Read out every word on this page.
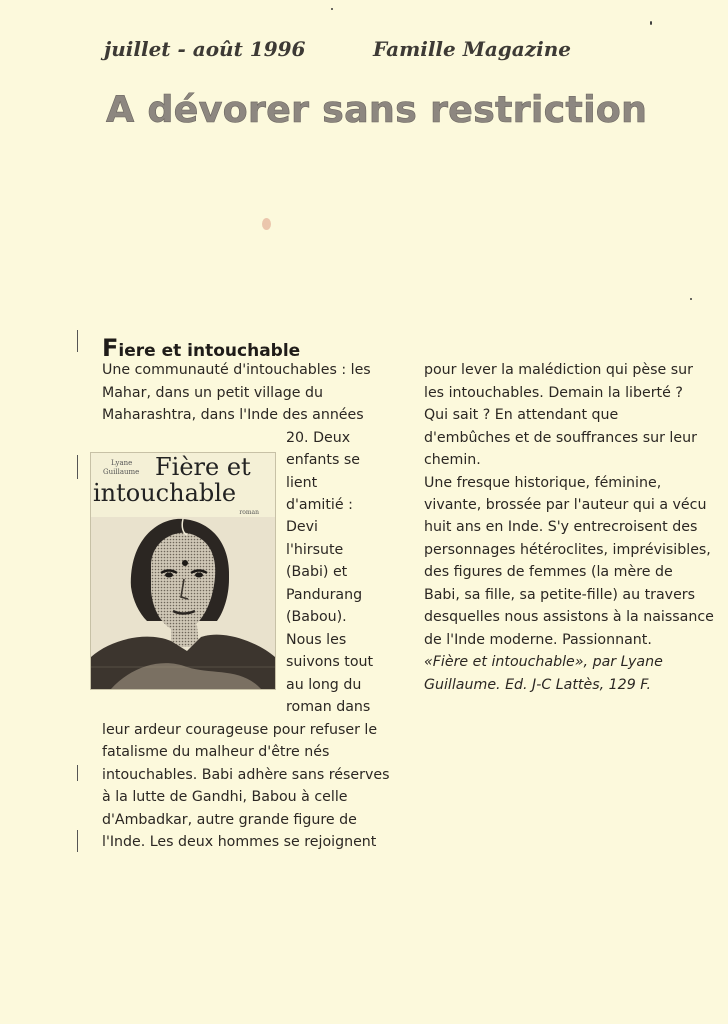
juillet - août 1996	Famille Magazine
A dévorer sans restriction
Fiere et intouchable
Une communauté d'intouchables : les
Mahar, dans un petit village du
Maharashtra, dans l'Inde des années
20. Deux
enfants se
lient
d'amitié :
Devi
l'hirsute
(Babi) et
Pandurang
(Babou).
Nous les
suivons tout
au long du
roman dans
leur ardeur courageuse pour refuser le
fatalisme du malheur d'être nés
intouchables. Babi adhère sans réserves
à la lutte de Gandhi, Babou à celle
d'Ambadkar, autre grande figure de
l'Inde. Les deux hommes se rejoignent
pour lever la malédiction qui pèse sur
les intouchables. Demain la liberté ?
Qui sait ? En attendant que
d'embûches et de souffrances sur leur
chemin.
Une fresque historique, féminine,
vivante, brossée par l'auteur qui a vécu
huit ans en Inde. S'y entrecroisent des
personnages hétéroclites, imprévisibles,
des figures de femmes (la mère de
Babi, sa fille, sa petite-fille) au travers
desquelles nous assistons à la naissance
de l'Inde moderne. Passionnant.
«Fière et intouchable», par Lyane
Guillaume. Ed. J-C Lattès, 129 F.
Lyane
Guillaume Fière et
intouchable
roman
